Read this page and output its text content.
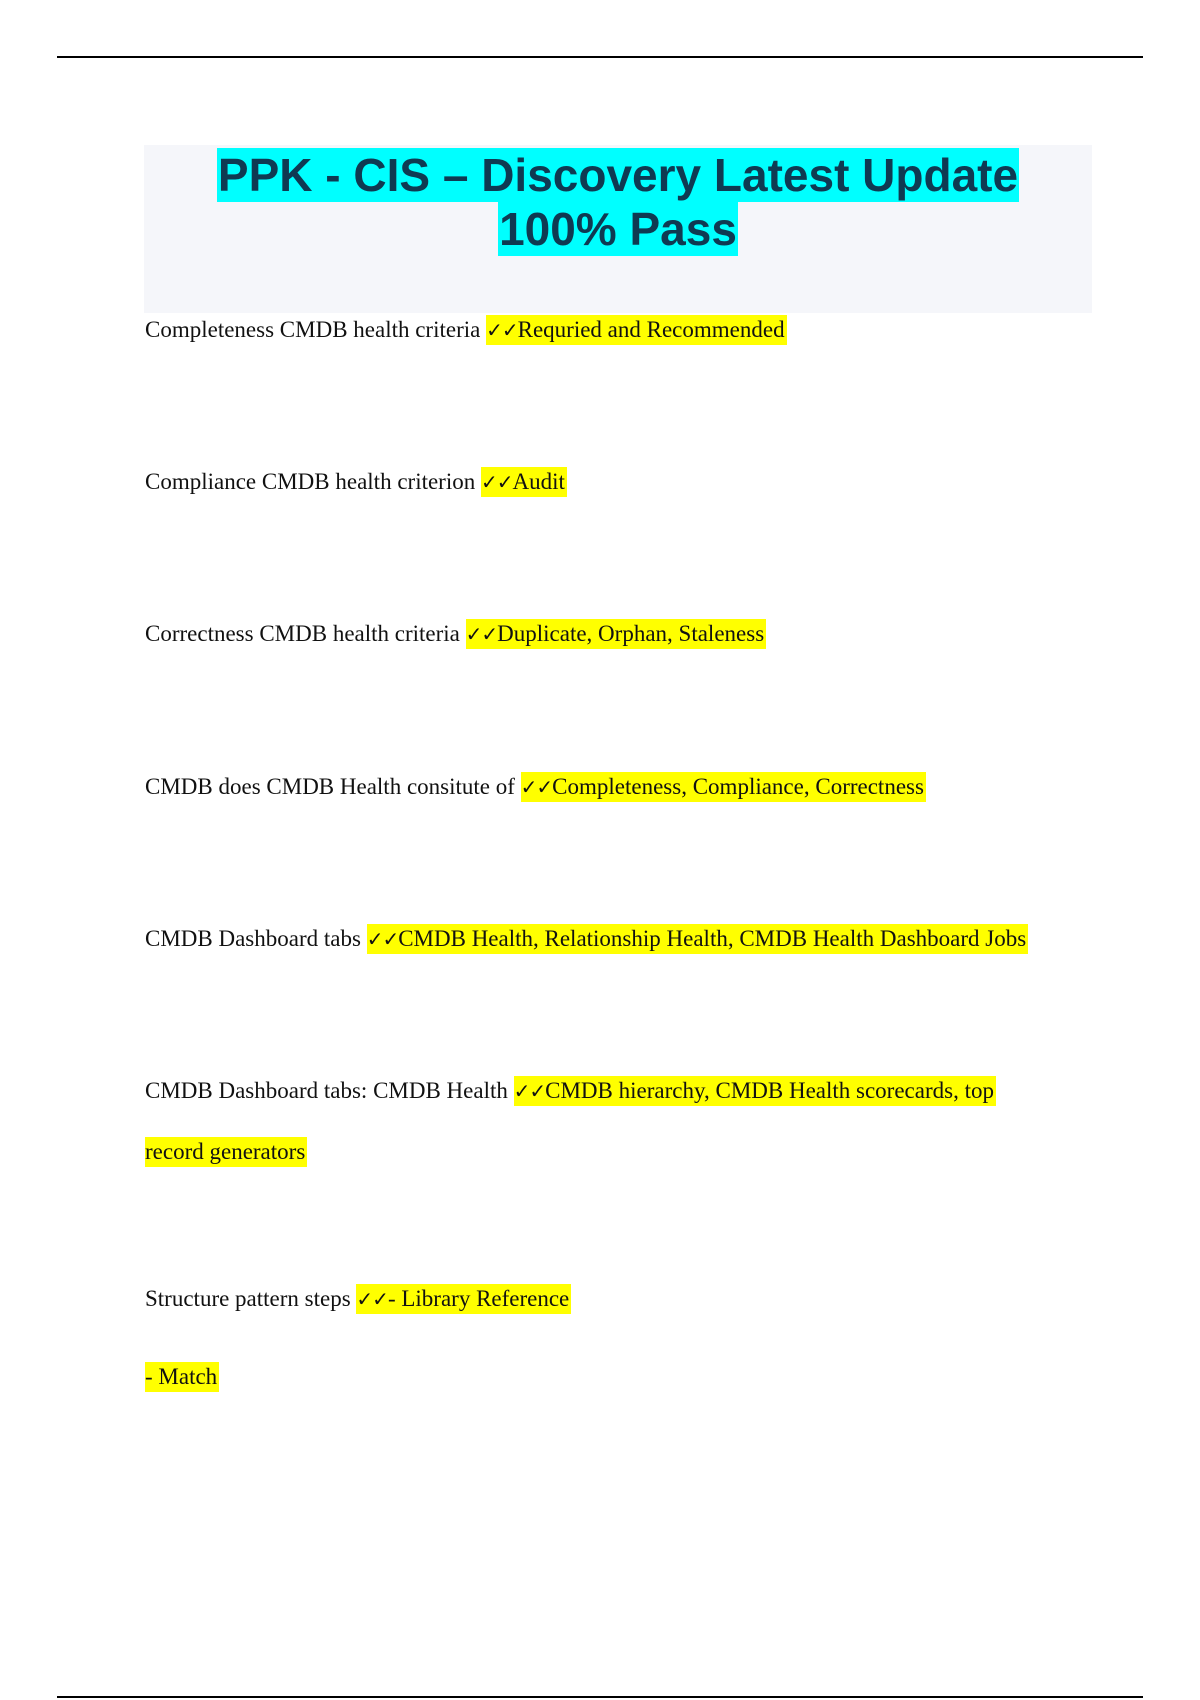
PPK - CIS – Discovery Latest Update
100% Pass
Completeness CMDB health criteria ✓✓Requried and Recommended
Compliance CMDB health criterion ✓✓Audit
Correctness CMDB health criteria ✓✓Duplicate, Orphan, Staleness
CMDB does CMDB Health consitute of ✓✓Completeness, Compliance, Correctness
CMDB Dashboard tabs ✓✓CMDB Health, Relationship Health, CMDB Health Dashboard Jobs
CMDB Dashboard tabs: CMDB Health ✓✓CMDB hierarchy, CMDB Health scorecards, top
record generators
Structure pattern steps ✓✓- Library Reference
- Match
